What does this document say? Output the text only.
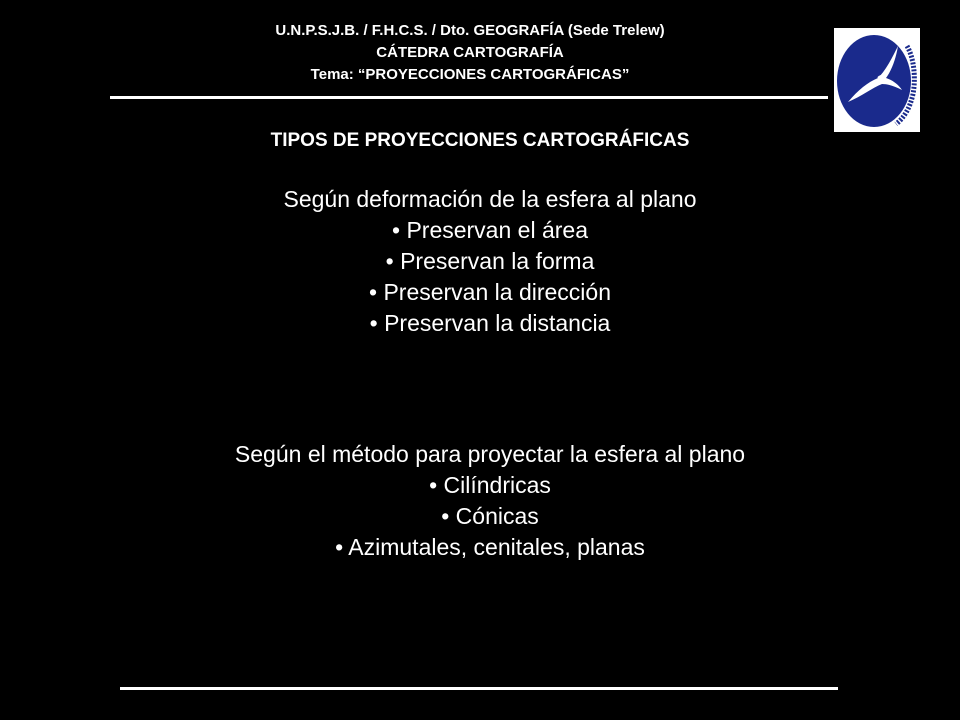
U.N.P.S.J.B. / F.H.C.S. / Dto. GEOGRAFÍA (Sede Trelew)
CÁTEDRA CARTOGRAFÍA
Tema: “PROYECCIONES CARTOGRÁFICAS”
TIPOS DE PROYECCIONES CARTOGRÁFICAS
Según deformación de la esfera al plano
• Preservan el área
• Preservan la forma
• Preservan la dirección
• Preservan la distancia
Según el método para proyectar la esfera al plano
• Cilíndricas
• Cónicas
• Azimutales, cenitales, planas
